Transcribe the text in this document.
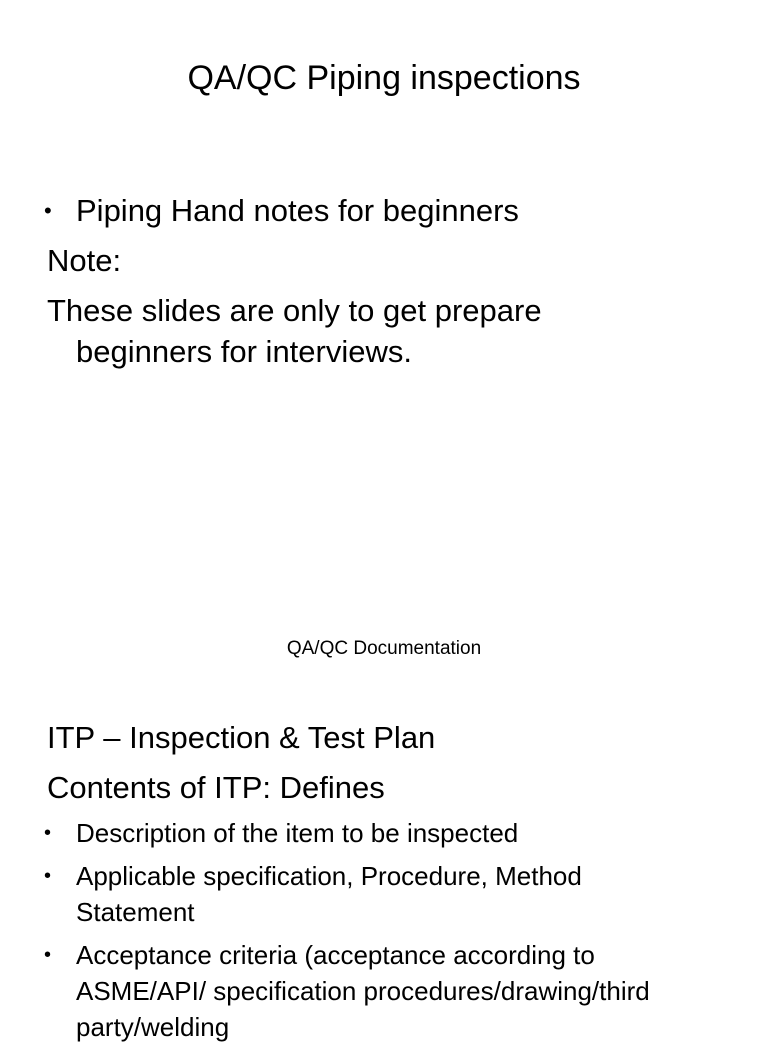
QA/QC Piping inspections
• Piping Hand notes for beginners
Note:
These slides are only to get prepare
beginners for interviews.
QA/QC Documentation
ITP – Inspection & Test Plan
Contents of ITP: Defines
• Description of the item to be inspected
• Applicable specification, Procedure, Method Statement
• Acceptance criteria (acceptance according to ASME/API/ specification procedures/drawing/third party/welding
